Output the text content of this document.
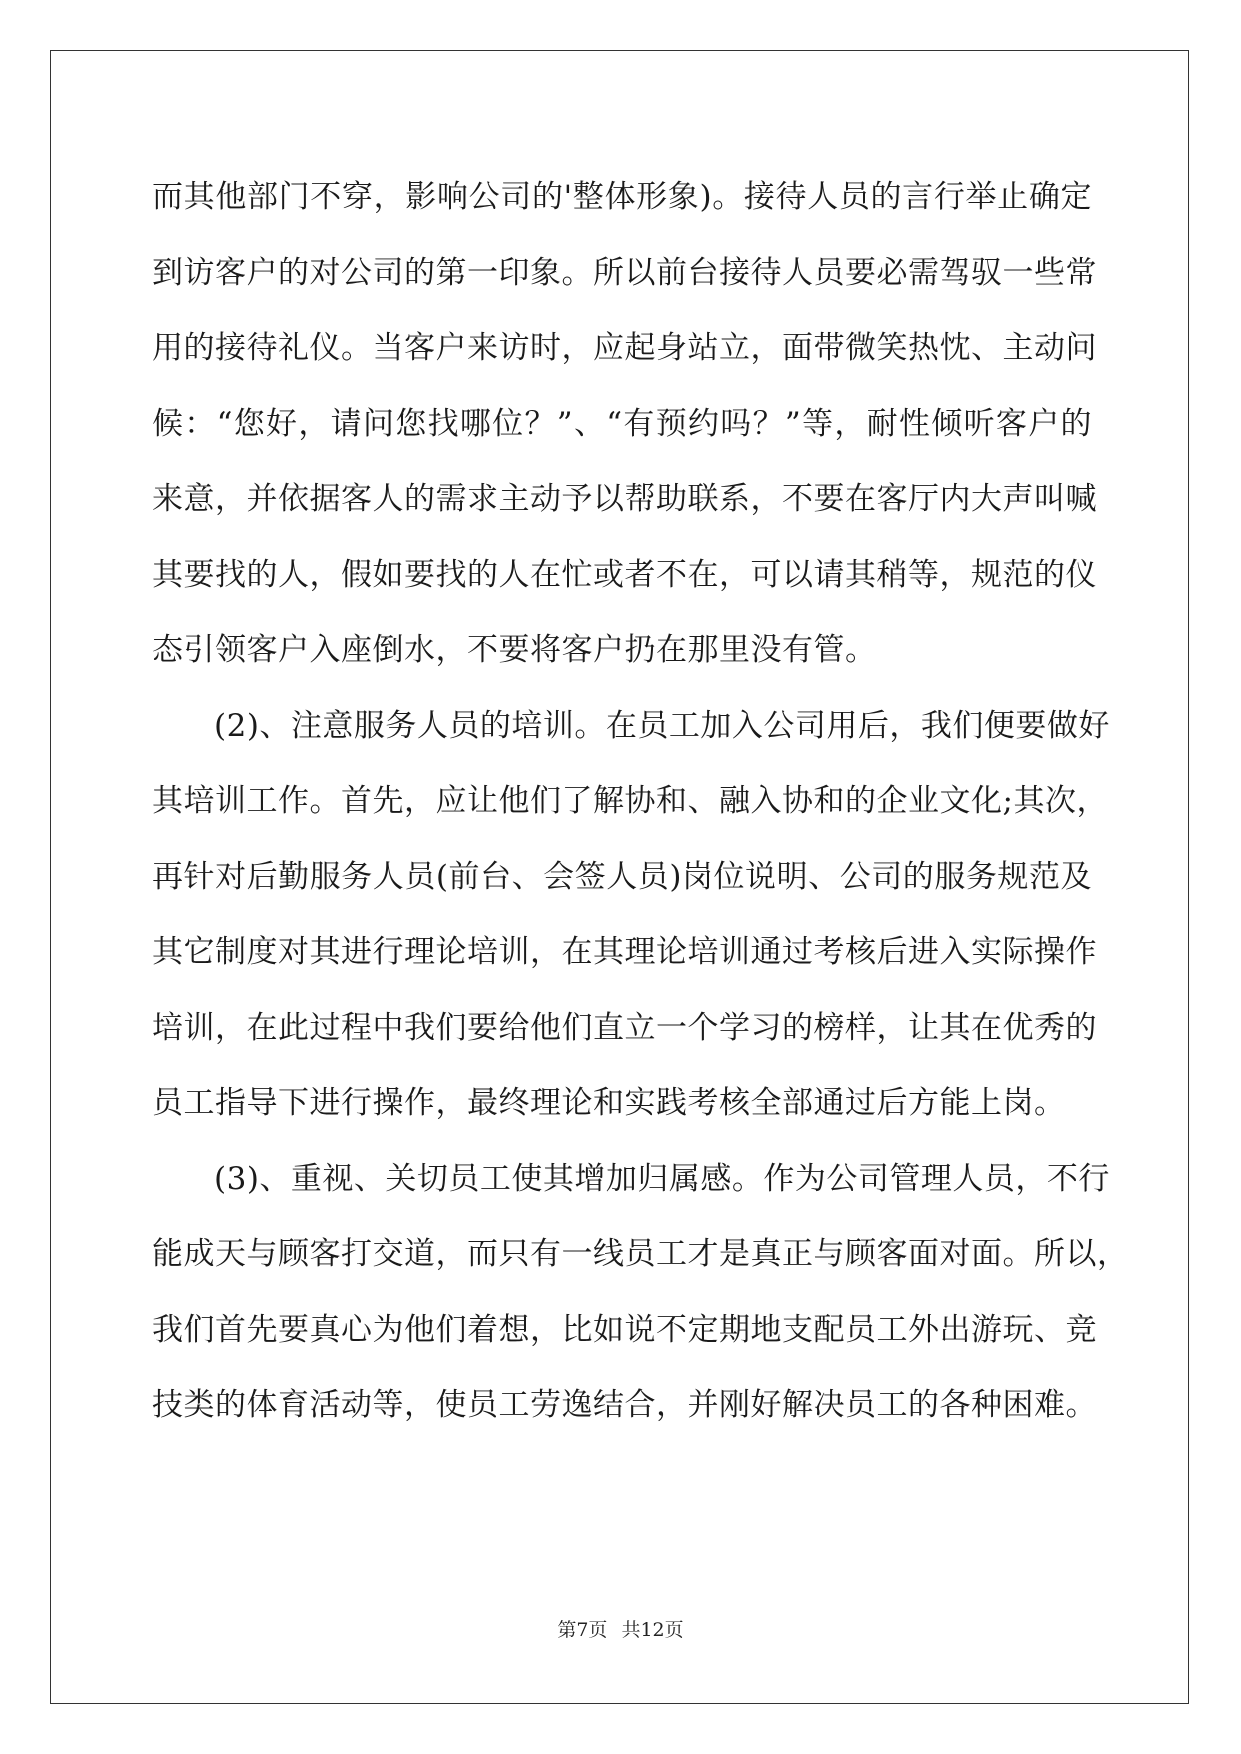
而其他部门不穿，影响公司的'整体形象)。接待人员的言行举止确定
到访客户的对公司的第一印象。所以前台接待人员要必需驾驭一些常
用的接待礼仪。当客户来访时，应起身站立，面带微笑热忱、主动问
候：“您好，请问您找哪位？”、“有预约吗？”等，耐性倾听客户的
来意，并依据客人的需求主动予以帮助联系，不要在客厅内大声叫喊
其要找的人，假如要找的人在忙或者不在，可以请其稍等，规范的仪
态引领客户入座倒水，不要将客户扔在那里没有管。
(2)、注意服务人员的培训。在员工加入公司用后，我们便要做好
其培训工作。首先，应让他们了解协和、融入协和的企业文化;其次，
再针对后勤服务人员(前台、会签人员)岗位说明、公司的服务规范及
其它制度对其进行理论培训，在其理论培训通过考核后进入实际操作
培训，在此过程中我们要给他们直立一个学习的榜样，让其在优秀的
员工指导下进行操作，最终理论和实践考核全部通过后方能上岗。
(3)、重视、关切员工使其增加归属感。作为公司管理人员，不行
能成天与顾客打交道，而只有一线员工才是真正与顾客面对面。所以，
我们首先要真心为他们着想，比如说不定期地支配员工外出游玩、竞
技类的体育活动等，使员工劳逸结合，并刚好解决员工的各种困难。
第7页 共12页
